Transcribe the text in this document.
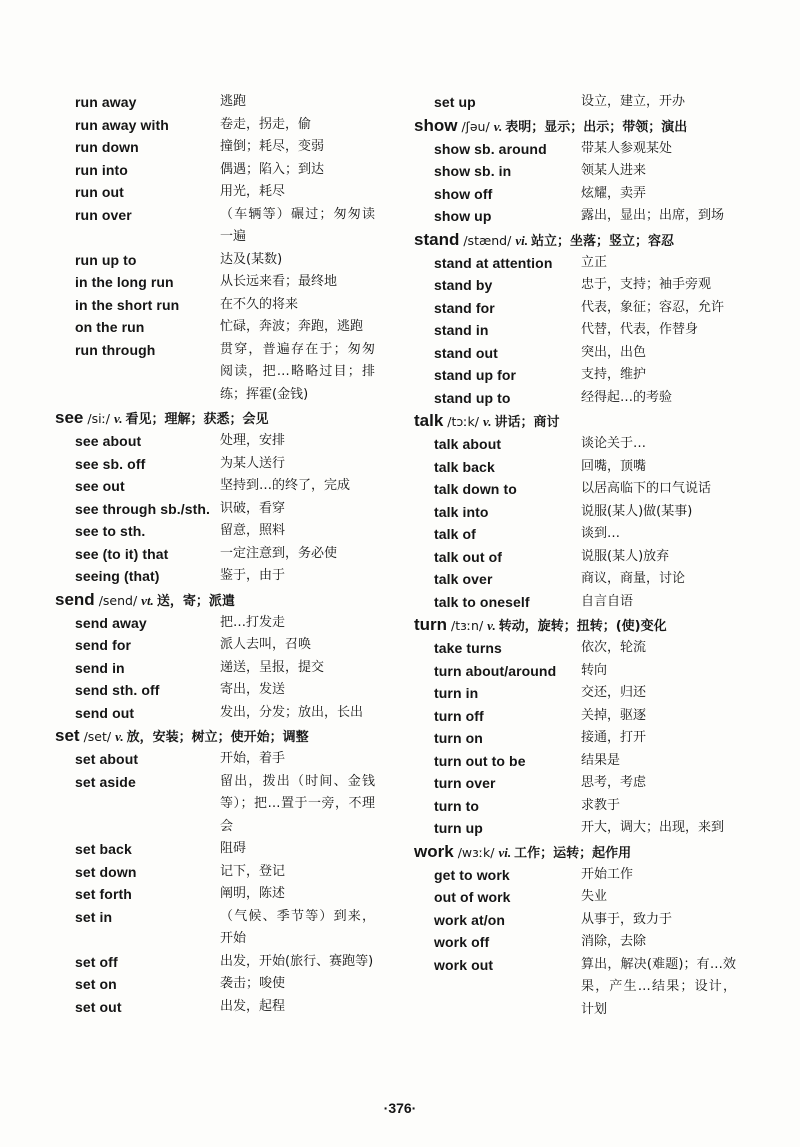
run away	逃跑
run away with	卷走，拐走，偷
run down	撞倒；耗尽，变弱
run into	偶遇；陷入；到达
run out	用光，耗尽
run over	（车辆等）碾过；匆匆读一遍
run up to	达及(某数)
in the long run	从长远来看；最终地
in the short run	在不久的将来
on the run	忙碌，奔波；奔跑，逃跑
run through	贯穿，普遍存在于；匆匆阅读，把…略略过目；排练；挥霍(金钱)
see /siː/ v. 看见；理解；获悉；会见
see about	处理，安排
see sb. off	为某人送行
see out	坚持到…的终了，完成
see through sb./sth. 识破，看穿
see to sth.	留意，照料
see (to it) that	一定注意到，务必使
seeing (that)	鉴于，由于
send /send/ vt. 送，寄；派遣
send away	把…打发走
send for	派人去叫，召唤
send in	递送，呈报，提交
send sth. off	寄出，发送
send out	发出，分发；放出，长出
set /set/ v. 放，安装；树立；使开始；调整
set about	开始，着手
set aside	留出，拨出（时间、金钱等）；把…置于一旁，不理会
set back	阻碍
set down	记下，登记
set forth	阐明，陈述
set in	（气候、季节等）到来，开始
set off	出发，开始(旅行、赛跑等)
set on	袭击；唆使
set out	出发，起程
set up	设立，建立，开办
show /ʃəu/ v. 表明；显示；出示；带领；演出
show sb. around	带某人参观某处
show sb. in	领某人进来
show off	炫耀，卖弄
show up	露出，显出；出席，到场
stand /stænd/ vi. 站立；坐落；竖立；容忍
stand at attention 立正
stand by	忠于，支持；袖手旁观
stand for	代表，象征；容忍，允许
stand in	代替，代表，作替身
stand out	突出，出色
stand up for	支持，维护
stand up to	经得起…的考验
talk /tɔːk/ v. 讲话；商讨
talk about	谈论关于…
talk back	回嘴，顶嘴
talk down to	以居高临下的口气说话
talk into	说服(某人)做(某事)
talk of	谈到…
talk out of	说服(某人)放弃
talk over	商议，商量，讨论
talk to oneself	自言自语
turn /tɜːn/ v. 转动，旋转；扭转；(使)变化
take turns	依次，轮流
turn about/around 转向
turn in	交还，归还
turn off	关掉，驱逐
turn on	接通，打开
turn out to be	结果是
turn over	思考，考虑
turn to	求教于
turn up	开大，调大；出现，来到
work /wɜːk/ vi. 工作；运转；起作用
get to work	开始工作
out of work	失业
work at/on	从事于，致力于
work off	消除，去除
work out	算出，解决(难题)；有…效果，产生…结果；设计，计划
·376·
